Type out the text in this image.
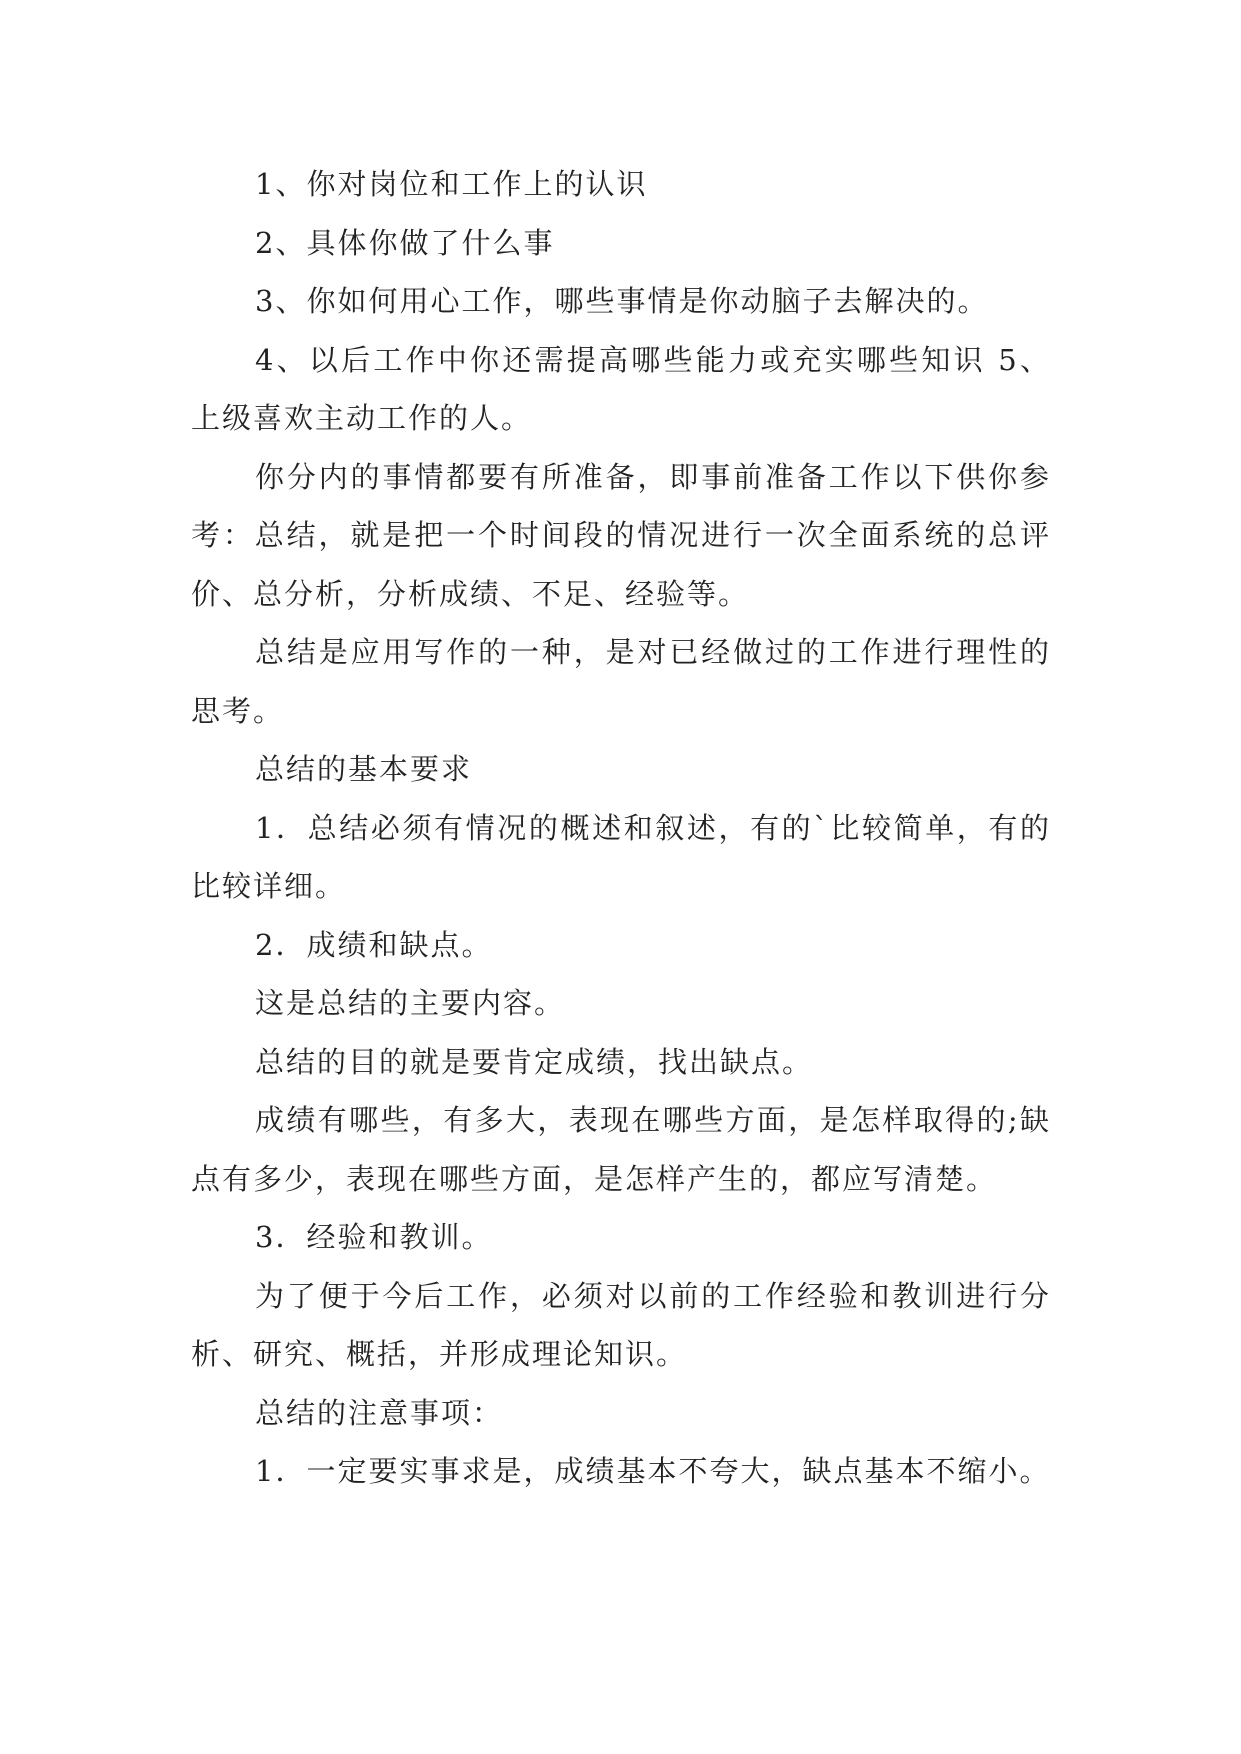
1、你对岗位和工作上的认识

2、具体你做了什么事

3、你如何用心工作，哪些事情是你动脑子去解决的。

4、以后工作中你还需提高哪些能力或充实哪些知识 5、上级喜欢主动工作的人。

你分内的事情都要有所准备，即事前准备工作以下供你参考：总结，就是把一个时间段的情况进行一次全面系统的总评价、总分析，分析成绩、不足、经验等。

总结是应用写作的一种，是对已经做过的工作进行理性的思考。

总结的基本要求

1．总结必须有情况的概述和叙述，有的`比较简单，有的比较详细。

2．成绩和缺点。

这是总结的主要内容。

总结的目的就是要肯定成绩，找出缺点。

成绩有哪些，有多大，表现在哪些方面，是怎样取得的;缺点有多少，表现在哪些方面，是怎样产生的，都应写清楚。

3．经验和教训。

为了便于今后工作，必须对以前的工作经验和教训进行分析、研究、概括，并形成理论知识。

总结的注意事项：

1．一定要实事求是，成绩基本不夸大，缺点基本不缩小。
